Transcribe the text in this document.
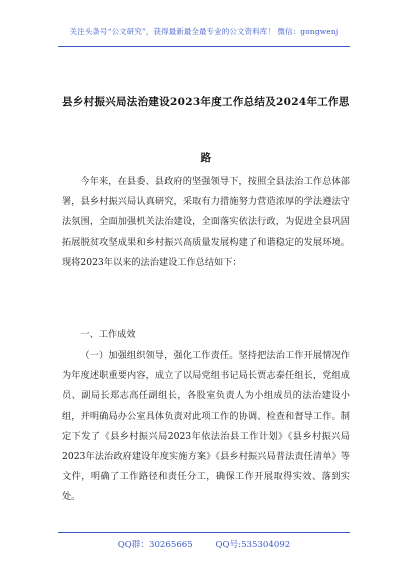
关注头条号“公文研究”，获得最新最全最专业的公文资料库！ 微信：gongwenj
县乡村振兴局法治建设2023年度工作总结及2024年工作思
路

今年来，在县委、县政府的坚强领导下，按照全县法治工作总体部署，县乡村振兴局认真研究，采取有力措施努力营造浓厚的学法遵法守法氛围，全面加强机关法治建设，全面落实依法行政，为促进全县巩固拓展脱贫攻坚成果和乡村振兴高质量发展构建了和谐稳定的发展环境。现将2023年以来的法治建设工作总结如下：

一、工作成效

（一）加强组织领导，强化工作责任。坚持把法治工作开展情况作为年度述职重要内容，成立了以局党组书记局长贾志泰任组长，党组成员、副局长郑志高任副组长，各股室负责人为小组成员的法治建设小组，并明确局办公室具体负责对此项工作的协调、检查和督导工作。制定下发了《县乡村振兴局2023年依法治县工作计划》《县乡村振兴局2023年法治政府建设年度实施方案》《县乡村振兴局普法责任清单》等文件，明确了工作路径和责任分工，确保工作开展取得实效、落到实处。

QQ群：30265665	QQ号:535304092
